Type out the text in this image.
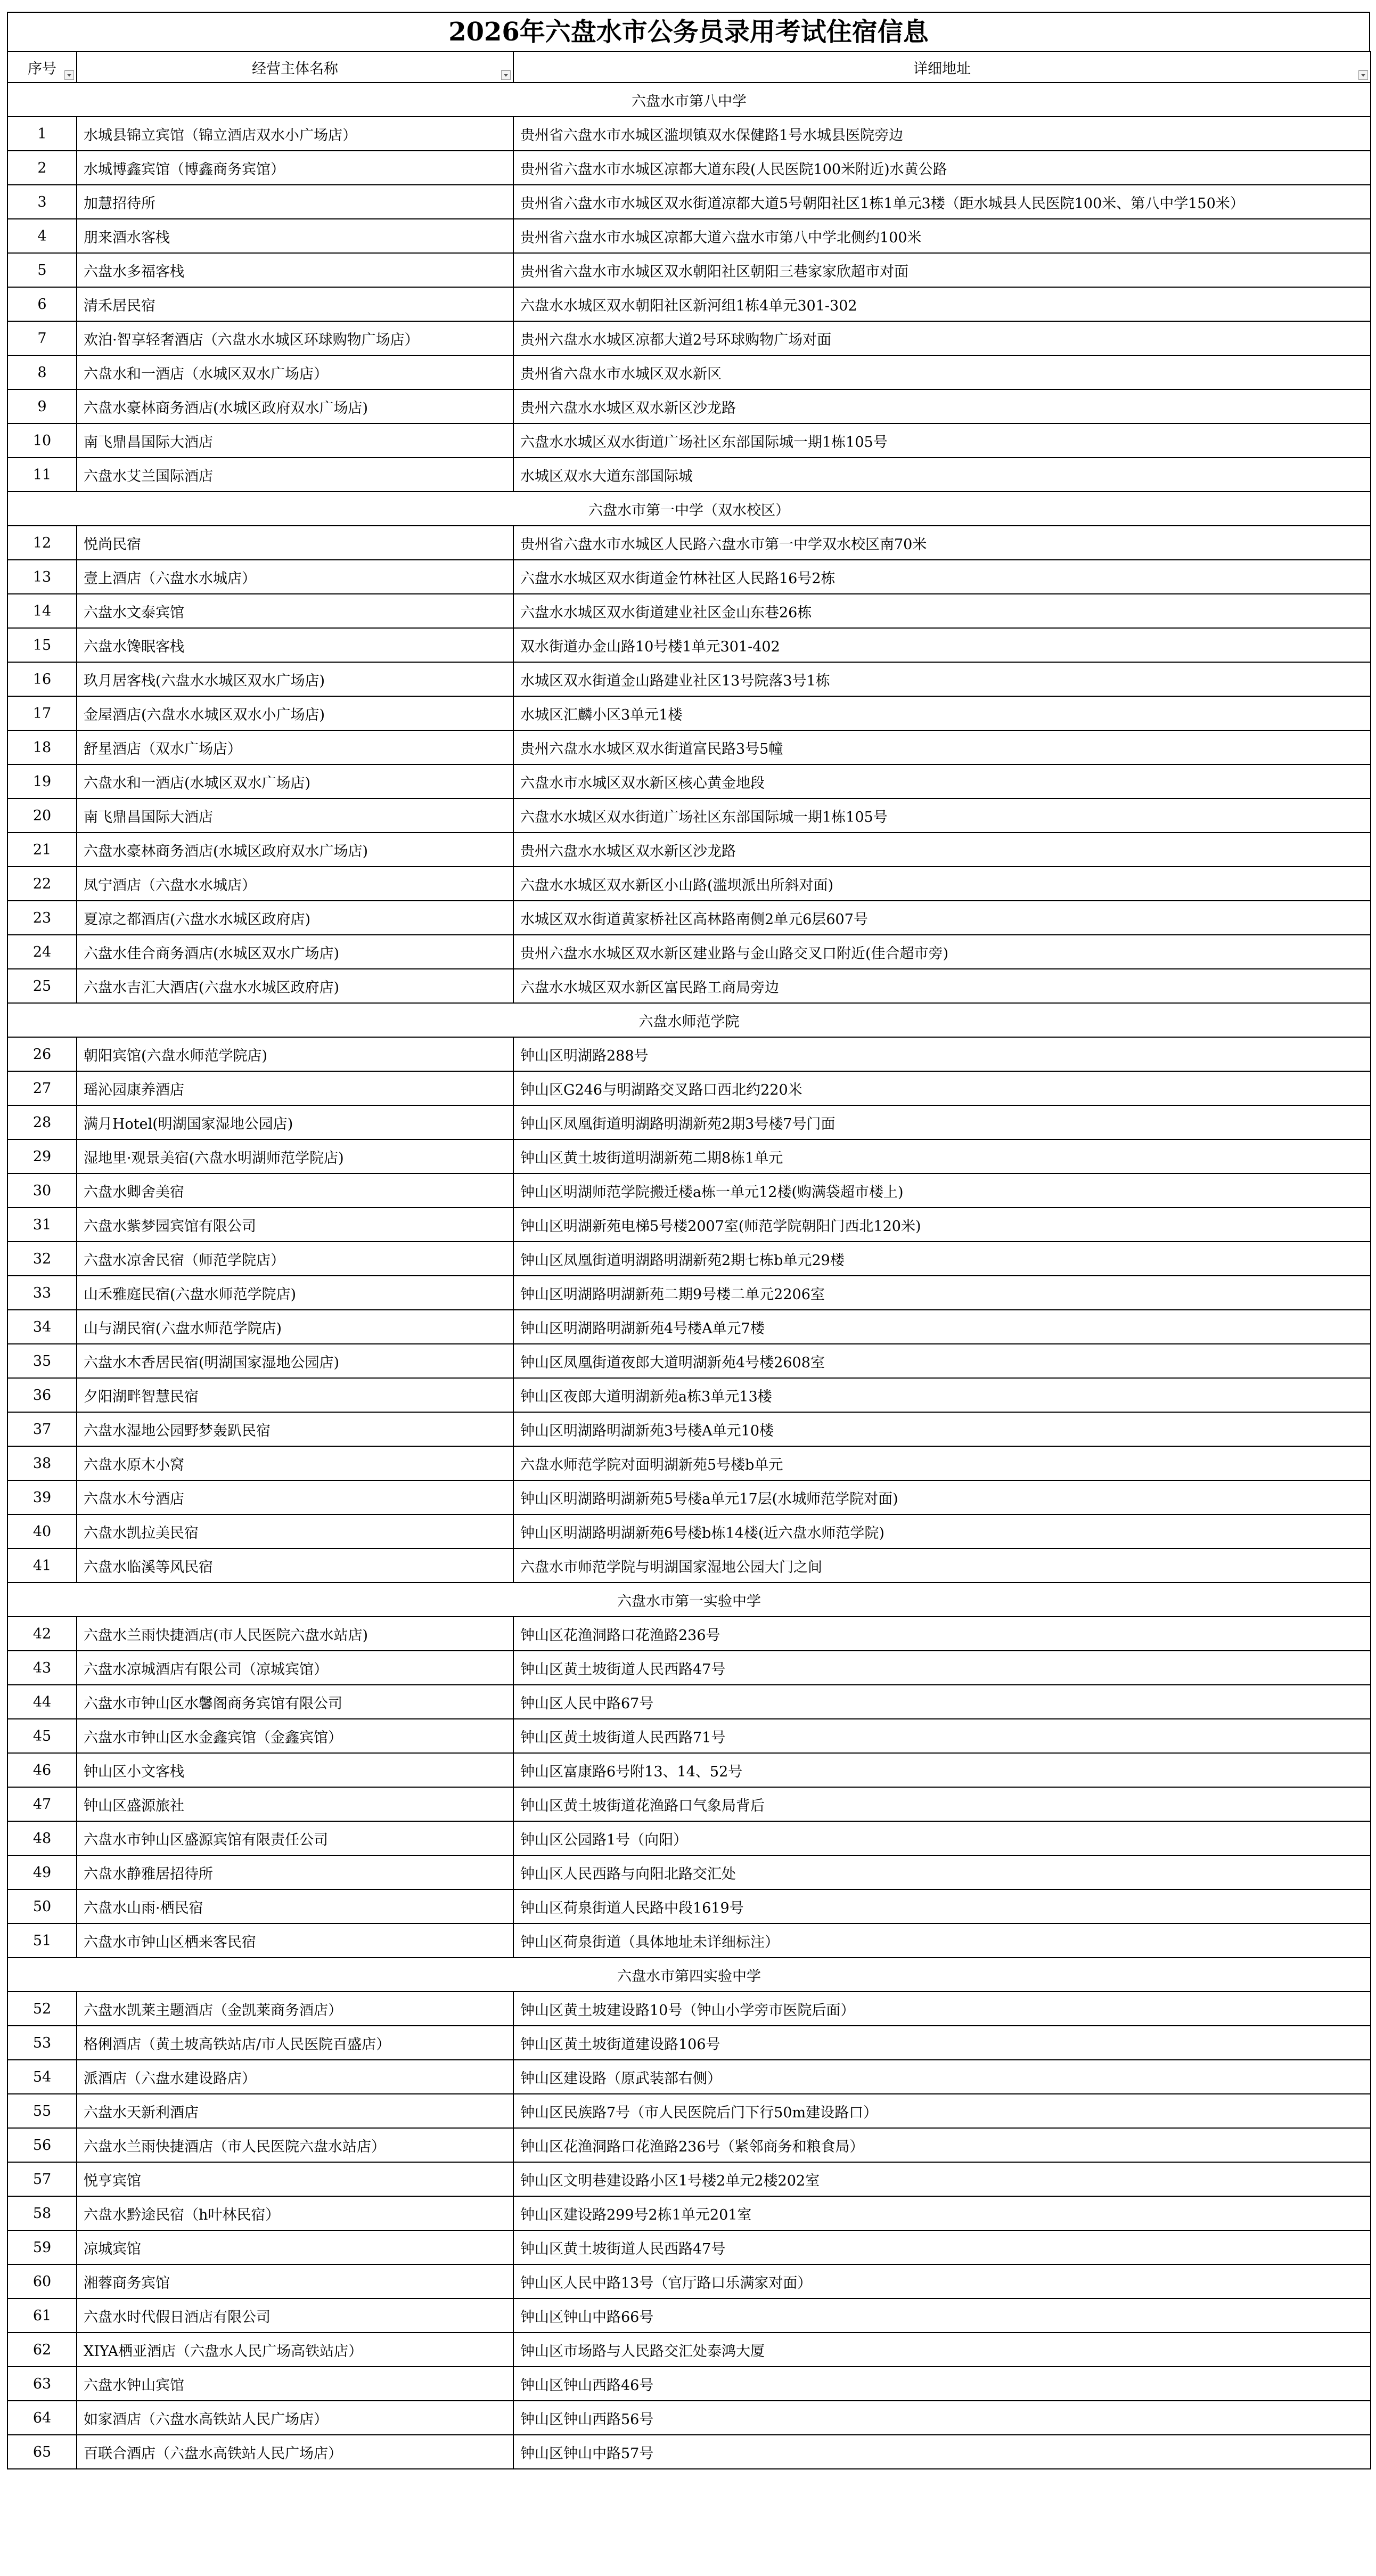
2026年六盘水市公务员录用考试住宿信息
序号	经营主体名称	详细地址

六盘水市第八中学		
1	水城县锦立宾馆（锦立酒店双水小广场店）	贵州省六盘水市水城区滥坝镇双水保健路1号水城县医院旁边
2	水城博鑫宾馆（博鑫商务宾馆）	贵州省六盘水市水城区凉都大道东段(人民医院100米附近)水黄公路
3	加慧招待所	贵州省六盘水市水城区双水街道凉都大道5号朝阳社区1栋1单元3楼（距水城县人民医院100米、第八中学150米）
4	朋来酒水客栈	贵州省六盘水市水城区凉都大道六盘水市第八中学北侧约100米
5	六盘水多福客栈	贵州省六盘水市水城区双水朝阳社区朝阳三巷家家欣超市对面
6	清禾居民宿	六盘水水城区双水朝阳社区新河组1栋4单元301-302
7	欢泊·智享轻奢酒店（六盘水水城区环球购物广场店）	贵州六盘水水城区凉都大道2号环球购物广场对面
8	六盘水和一酒店（水城区双水广场店）	贵州省六盘水市水城区双水新区
9	六盘水豪林商务酒店(水城区政府双水广场店)	贵州六盘水水城区双水新区沙龙路
10	南飞鼎昌国际大酒店	六盘水水城区双水街道广场社区东部国际城一期1栋105号
11	六盘水艾兰国际酒店	水城区双水大道东部国际城
六盘水市第一中学（双水校区）		
12	悦尚民宿	贵州省六盘水市水城区人民路六盘水市第一中学双水校区南70米
13	壹上酒店（六盘水水城店）	六盘水水城区双水街道金竹林社区人民路16号2栋
14	六盘水文泰宾馆	六盘水水城区双水街道建业社区金山东巷26栋
15	六盘水馋眠客栈	双水街道办金山路10号楼1单元301-402
16	玖月居客栈(六盘水水城区双水广场店)	水城区双水街道金山路建业社区13号院落3号1栋
17	金屋酒店(六盘水水城区双水小广场店)	水城区汇麟小区3单元1楼
18	舒星酒店（双水广场店）	贵州六盘水水城区双水街道富民路3号5幢
19	六盘水和一酒店(水城区双水广场店)	六盘水市水城区双水新区核心黄金地段
20	南飞鼎昌国际大酒店	六盘水水城区双水街道广场社区东部国际城一期1栋105号
21	六盘水豪林商务酒店(水城区政府双水广场店)	贵州六盘水水城区双水新区沙龙路
22	凤宁酒店（六盘水水城店）	六盘水水城区双水新区小山路(滥坝派出所斜对面)
23	夏凉之都酒店(六盘水水城区政府店)	水城区双水街道黄家桥社区高林路南侧2单元6层607号
24	六盘水佳合商务酒店(水城区双水广场店)	贵州六盘水水城区双水新区建业路与金山路交叉口附近(佳合超市旁)
25	六盘水吉汇大酒店(六盘水水城区政府店)	六盘水水城区双水新区富民路工商局旁边
六盘水师范学院		
26	朝阳宾馆(六盘水师范学院店)	钟山区明湖路288号
27	瑶沁园康养酒店	钟山区G246与明湖路交叉路口西北约220米
28	满月Hotel(明湖国家湿地公园店)	钟山区凤凰街道明湖路明湖新苑2期3号楼7号门面
29	湿地里·观景美宿(六盘水明湖师范学院店)	钟山区黄土坡街道明湖新苑二期8栋1单元
30	六盘水卿舍美宿	钟山区明湖师范学院搬迁楼a栋一单元12楼(购满袋超市楼上)
31	六盘水紫梦园宾馆有限公司	钟山区明湖新苑电梯5号楼2007室(师范学院朝阳门西北120米)
32	六盘水凉舍民宿（师范学院店）	钟山区凤凰街道明湖路明湖新苑2期七栋b单元29楼
33	山禾雅庭民宿(六盘水师范学院店)	钟山区明湖路明湖新苑二期9号楼二单元2206室
34	山与湖民宿(六盘水师范学院店)	钟山区明湖路明湖新苑4号楼A单元7楼
35	六盘水木香居民宿(明湖国家湿地公园店)	钟山区凤凰街道夜郎大道明湖新苑4号楼2608室
36	夕阳湖畔智慧民宿	钟山区夜郎大道明湖新苑a栋3单元13楼
37	六盘水湿地公园野梦轰趴民宿	钟山区明湖路明湖新苑3号楼A单元10楼
38	六盘水原木小窝	六盘水师范学院对面明湖新苑5号楼b单元
39	六盘水木兮酒店	钟山区明湖路明湖新苑5号楼a单元17层(水城师范学院对面)
40	六盘水凯拉美民宿	钟山区明湖路明湖新苑6号楼b栋14楼(近六盘水师范学院)
41	六盘水临溪等风民宿	六盘水市师范学院与明湖国家湿地公园大门之间
六盘水市第一实验中学		
42	六盘水兰雨快捷酒店(市人民医院六盘水站店)	钟山区花渔洞路口花渔路236号
43	六盘水凉城酒店有限公司（凉城宾馆）	钟山区黄土坡街道人民西路47号
44	六盘水市钟山区水馨阁商务宾馆有限公司	钟山区人民中路67号
45	六盘水市钟山区水金鑫宾馆（金鑫宾馆）	钟山区黄土坡街道人民西路71号
46	钟山区小文客栈	钟山区富康路6号附13、14、52号
47	钟山区盛源旅社	钟山区黄土坡街道花渔路口气象局背后
48	六盘水市钟山区盛源宾馆有限责任公司	钟山区公园路1号（向阳）
49	六盘水静雅居招待所	钟山区人民西路与向阳北路交汇处
50	六盘水山雨·栖民宿	钟山区荷泉街道人民路中段1619号
51	六盘水市钟山区栖来客民宿	钟山区荷泉街道（具体地址未详细标注）
六盘水市第四实验中学		
52	六盘水凯莱主题酒店（金凯莱商务酒店）	钟山区黄土坡建设路10号（钟山小学旁市医院后面）
53	格俐酒店（黄土坡高铁站店/市人民医院百盛店）	钟山区黄土坡街道建设路106号
54	派酒店（六盘水建设路店）	钟山区建设路（原武装部右侧）
55	六盘水天新利酒店	钟山区民族路7号（市人民医院后门下行50m建设路口）
56	六盘水兰雨快捷酒店（市人民医院六盘水站店）	钟山区花渔洞路口花渔路236号（紧邻商务和粮食局）
57	悦亨宾馆	钟山区文明巷建设路小区1号楼2单元2楼202室
58	六盘水黔途民宿（h叶林民宿）	钟山区建设路299号2栋1单元201室
59	凉城宾馆	钟山区黄土坡街道人民西路47号
60	湘蓉商务宾馆	钟山区人民中路13号（官厅路口乐满家对面）
61	六盘水时代假日酒店有限公司	钟山区钟山中路66号
62	XIYA栖亚酒店（六盘水人民广场高铁站店）	钟山区市场路与人民路交汇处泰鸿大厦
63	六盘水钟山宾馆	钟山区钟山西路46号
64	如家酒店（六盘水高铁站人民广场店）	钟山区钟山西路56号
65	百联合酒店（六盘水高铁站人民广场店）	钟山区钟山中路57号
